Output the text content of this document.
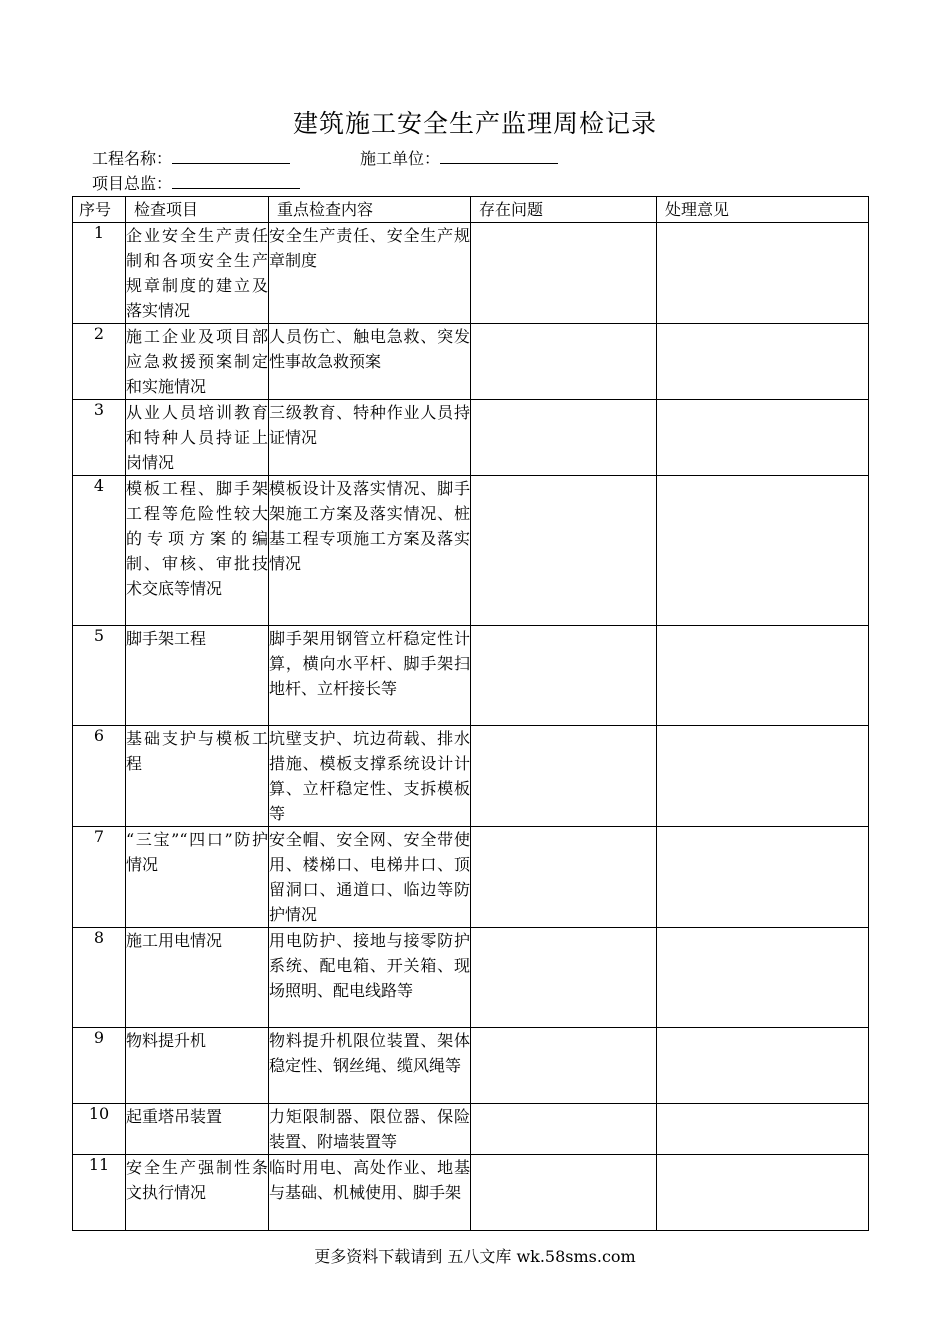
建筑施工安全生产监理周检记录
工程名称：	施工单位：
项目总监：
序号	检查项目	重点检查内容	存在问题	处理意见
1	企业安全生产责任制和各项安全生产规章制度的建立及落实情况	安全生产责任、安全生产规章制度		
2	施工企业及项目部应急救援预案制定和实施情况	人员伤亡、触电急救、突发性事故急救预案		
3	从业人员培训教育和特种人员持证上岗情况	三级教育、特种作业人员持证情况		
4	模板工程、脚手架工程等危险性较大的专项方案的编制、审核、审批技术交底等情况	模板设计及落实情况、脚手架施工方案及落实情况、桩基工程专项施工方案及落实情况		
5	脚手架工程	脚手架用钢管立杆稳定性计算，横向水平杆、脚手架扫地杆、立杆接长等		
6	基础支护与模板工程	坑壁支护、坑边荷载、排水措施、模板支撑系统设计计算、立杆稳定性、支拆模板等		
7	“三宝”“四口”防护情况	安全帽、安全网、安全带使用、楼梯口、电梯井口、顶留洞口、通道口、临边等防护情况		
8	施工用电情况	用电防护、接地与接零防护系统、配电箱、开关箱、现场照明、配电线路等		
9	物料提升机	物料提升机限位装置、架体稳定性、钢丝绳、缆风绳等		
10	起重塔吊装置	力矩限制器、限位器、保险装置、附墙装置等		
11	安全生产强制性条文执行情况	临时用电、高处作业、地基与基础、机械使用、脚手架		
更多资料下载请到 五八文库 wk.58sms.com
